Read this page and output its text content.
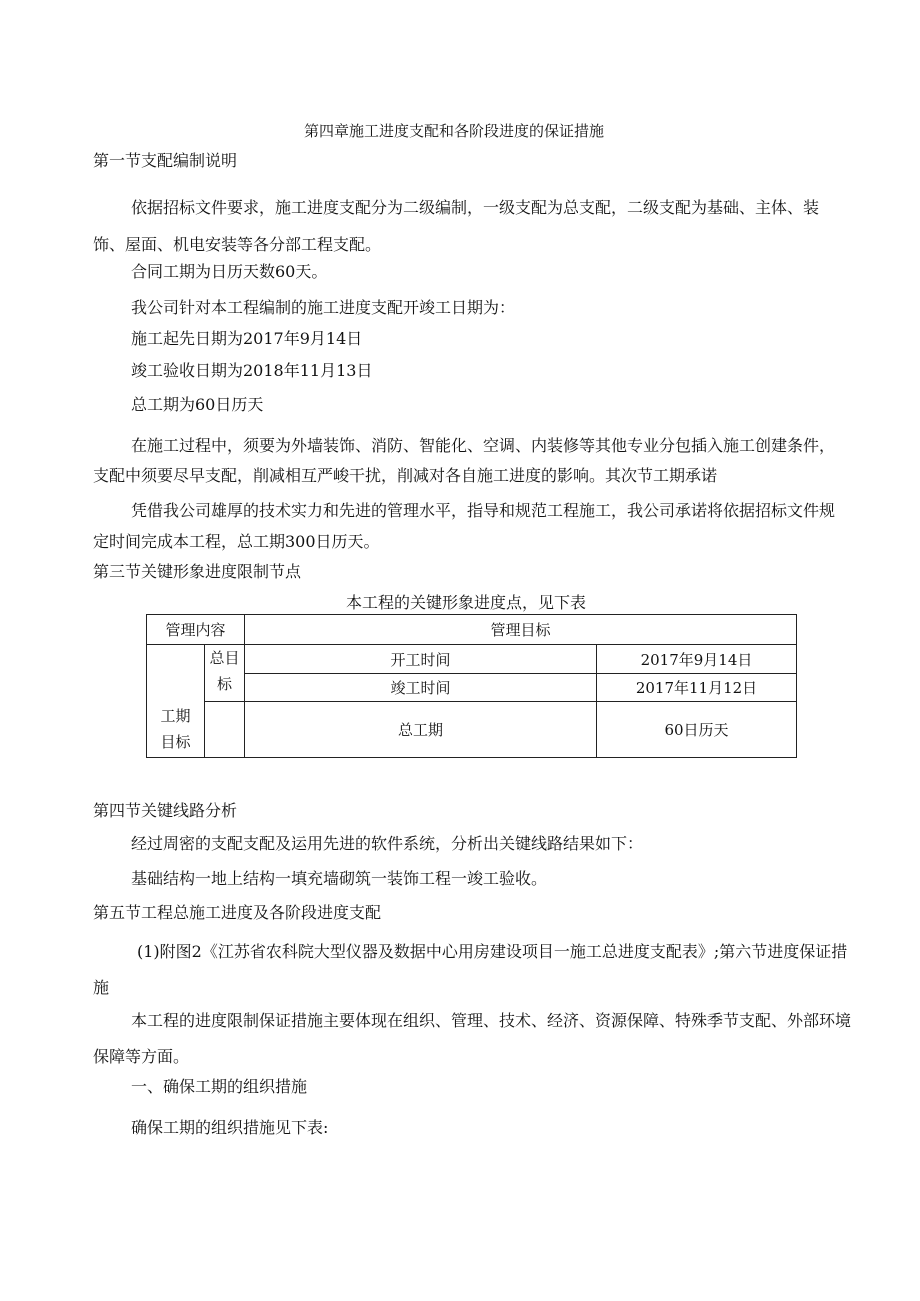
第四章施工进度支配和各阶段进度的保证措施
第一节支配编制说明
依据招标文件要求，施工进度支配分为二级编制，一级支配为总支配，二级支配为基础、主体、装饰、屋面、机电安装等各分部工程支配。
合同工期为日历天数60天。
我公司针对本工程编制的施工进度支配开竣工日期为：
施工起先日期为2017年9月14日
竣工验收日期为2018年11月13日
总工期为60日历天
在施工过程中，须要为外墙装饰、消防、智能化、空调、内装修等其他专业分包插入施工创建条件，支配中须要尽早支配，削减相互严峻干扰，削减对各自施工进度的影响。其次节工期承诺
凭借我公司雄厚的技术实力和先进的管理水平，指导和规范工程施工，我公司承诺将依据招标文件规定时间完成本工程，总工期300日历天。
第三节关键形象进度限制节点
本工程的关键形象进度点，见下表
管理内容		管理目标	

工期目标	总目标	开工时间	2017年9月14日
		竣工时间	2017年11月12日
		总工期	60日历天
第四节关键线路分析
经过周密的支配支配及运用先进的软件系统，分析出关键线路结果如下：
基础结构一地上结构一填充墙砌筑一装饰工程一竣工验收。
第五节工程总施工进度及各阶段进度支配
(1)附图2《江苏省农科院大型仪器及数据中心用房建设项目一施工总进度支配表》;第六节进度保证措施
本工程的进度限制保证措施主要体现在组织、管理、技术、经济、资源保障、特殊季节支配、外部环境保障等方面。
一、确保工期的组织措施
确保工期的组织措施见下表:
